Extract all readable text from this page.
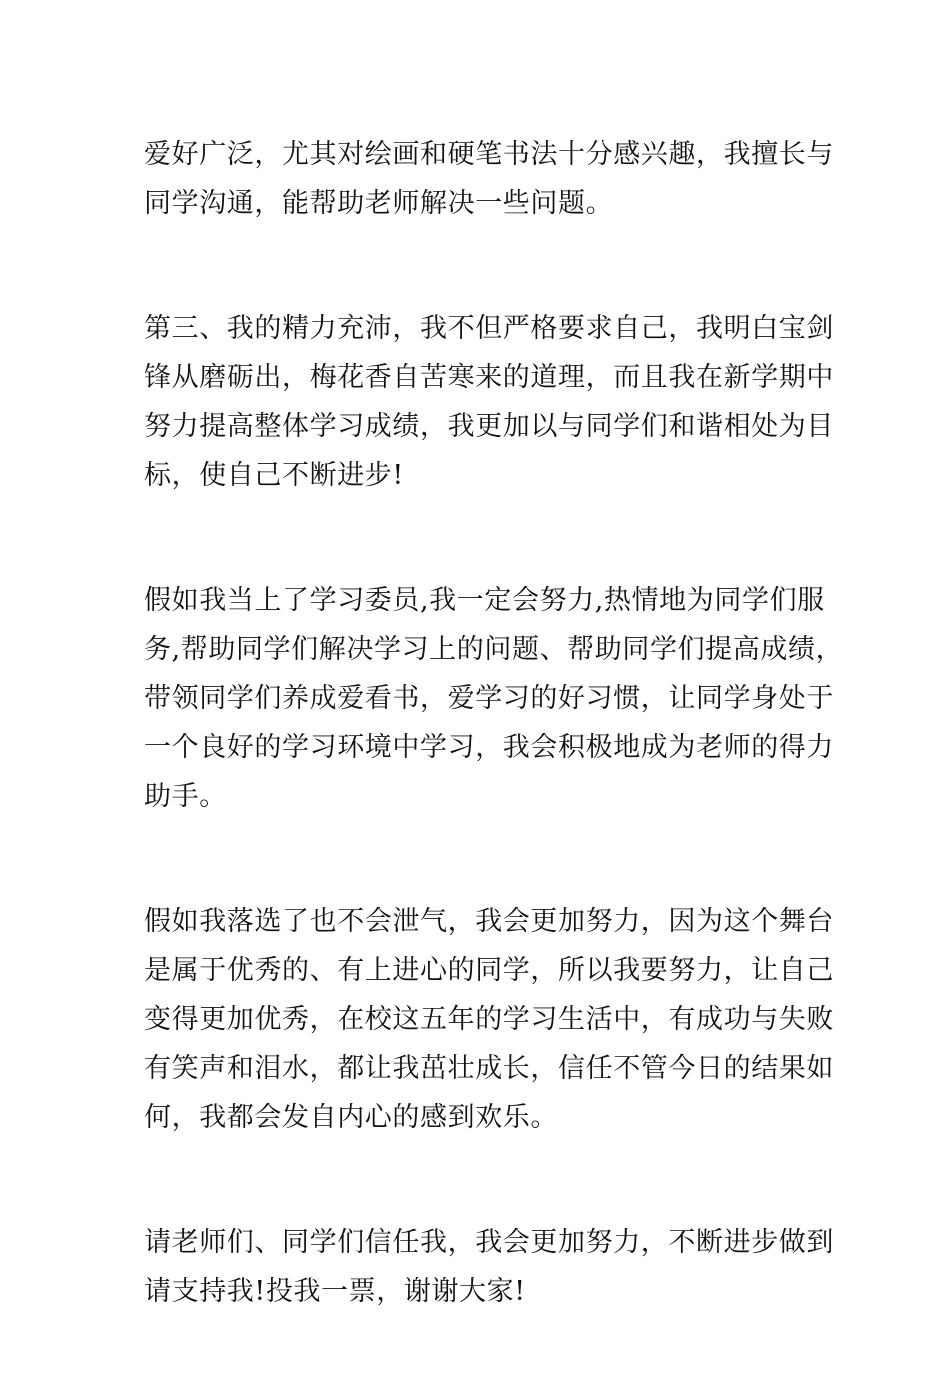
爱好广泛，尤其对绘画和硬笔书法十分感兴趣，我擅长与
同学沟通，能帮助老师解决一些问题。
第三、我的精力充沛，我不但严格要求自己，我明白宝剑
锋从磨砺出，梅花香自苦寒来的道理，而且我在新学期中
努力提高整体学习成绩，我更加以与同学们和谐相处为目
标，使自己不断进步!
假如我当上了学习委员,我一定会努力,热情地为同学们服
务,帮助同学们解决学习上的问题、帮助同学们提高成绩，
带领同学们养成爱看书，爱学习的好习惯，让同学身处于
一个良好的学习环境中学习，我会积极地成为老师的得力
助手。
假如我落选了也不会泄气，我会更加努力，因为这个舞台
是属于优秀的、有上进心的同学，所以我要努力，让自己
变得更加优秀，在校这五年的学习生活中，有成功与失败
有笑声和泪水，都让我茁壮成长，信任不管今日的结果如
何，我都会发自内心的感到欢乐。
请老师们、同学们信任我，我会更加努力，不断进步做到
请支持我!投我一票，谢谢大家!
